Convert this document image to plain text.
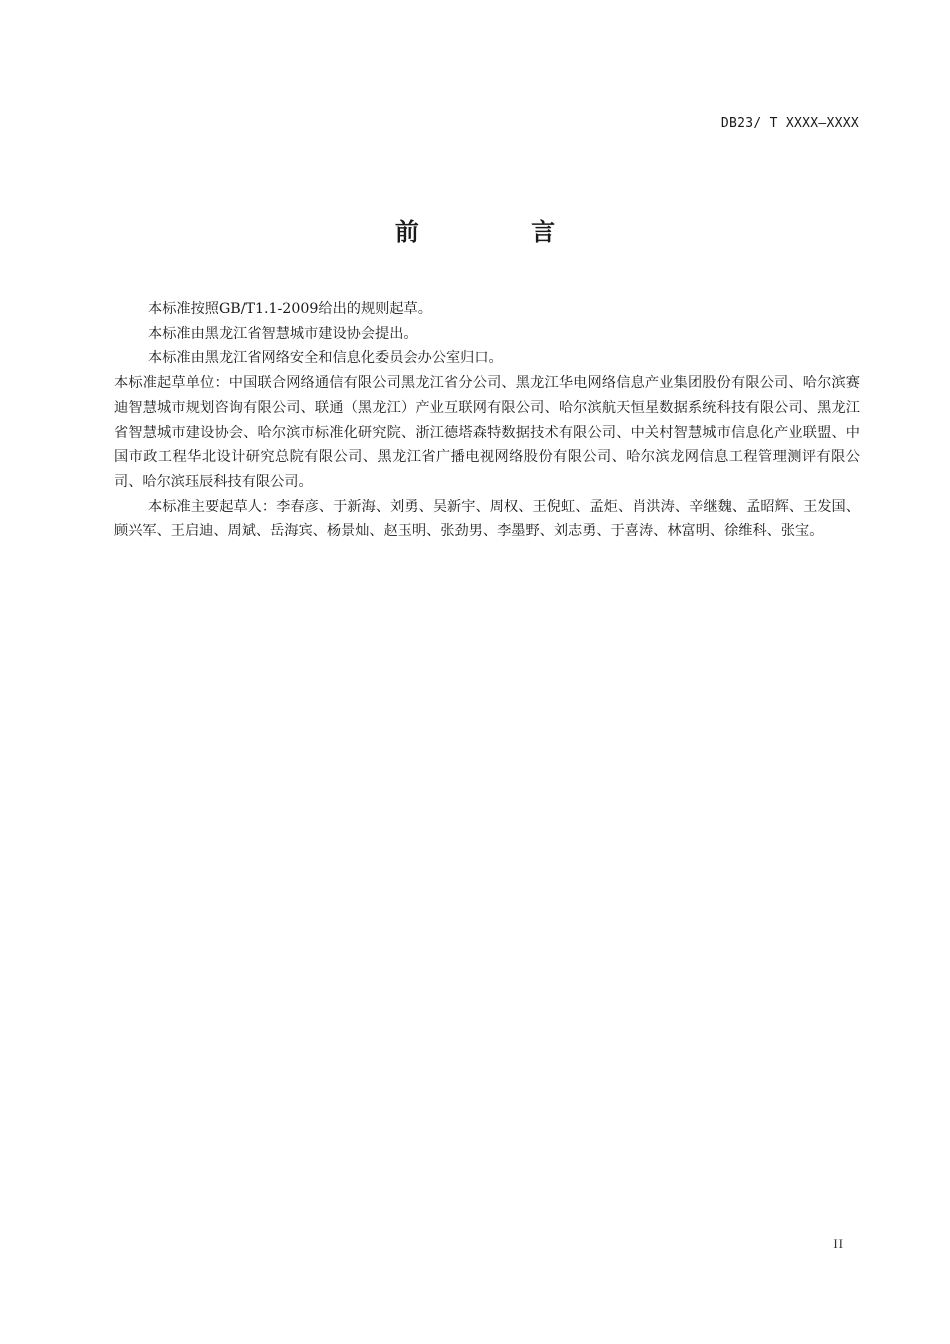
DB23/ T XXXX—XXXX
前 言

本标准按照GB/T1.1-2009给出的规则起草。

本标准由黑龙江省智慧城市建设协会提出。

本标准由黑龙江省网络安全和信息化委员会办公室归口。

本标准起草单位：中国联合网络通信有限公司黑龙江省分公司、黑龙江华电网络信息产业集团股份有限公司、哈尔滨赛迪智慧城市规划咨询有限公司、联通（黑龙江）产业互联网有限公司、哈尔滨航天恒星数据系统科技有限公司、黑龙江省智慧城市建设协会、哈尔滨市标准化研究院、浙江德塔森特数据技术有限公司、中关村智慧城市信息化产业联盟、中国市政工程华北设计研究总院有限公司、黑龙江省广播电视网络股份有限公司、哈尔滨龙网信息工程管理测评有限公司、哈尔滨珏辰科技有限公司。

本标准主要起草人：李春彦、于新海、刘勇、吴新宇、周权、王倪虹、孟炬、肖洪涛、辛继魏、孟昭辉、王发国、顾兴军、王启迪、周斌、岳海宾、杨景灿、赵玉明、张劲男、李墨野、刘志勇、于喜涛、林富明、徐维科、张宝。

II
